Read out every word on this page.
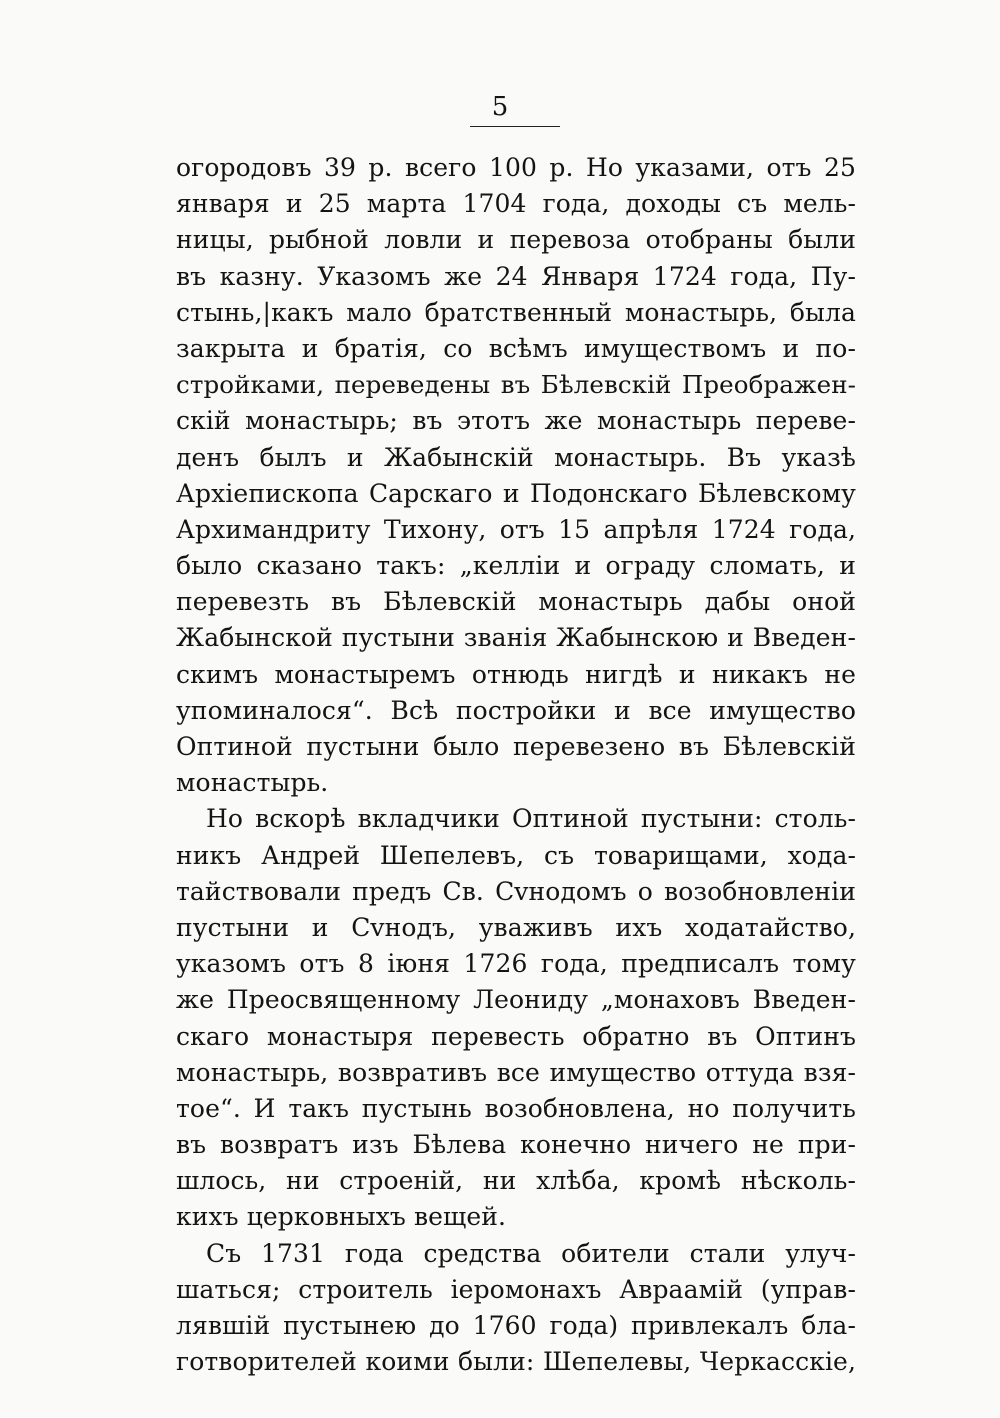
5
огородовъ 39 р. всего 100 р. Но указами, отъ 25
января и 25 марта 1704 года, доходы съ мель-
ницы, рыбной ловли и перевоза отобраны были
въ казну. Указомъ же 24 Января 1724 года, Пу-
стынь,|какъ мало братственный монастырь, была
закрыта и братія, со всѣмъ имуществомъ и по-
стройками, переведены въ Бѣлевскій Преображен-
скій монастырь; въ этотъ же монастырь переве-
денъ былъ и Жабынскій монастырь. Въ указѣ
Архіепископа Сарскаго и Подонскаго Бѣлевскому
Архимандриту Тихону, отъ 15 апрѣля 1724 года,
было сказано такъ: „келліи и ограду сломать, и
перевезть въ Бѣлевскій монастырь дабы оной
Жабынской пустыни званія Жабынскою и Введен-
скимъ монастыремъ отнюдь нигдѣ и никакъ не
упоминалося“. Всѣ постройки и все имущество
Оптиной пустыни было перевезено въ Бѣлевскій
монастырь.
Но вскорѣ вкладчики Оптиной пустыни: столь-
никъ Андрей Шепелевъ, съ товарищами, хода-
тайствовали предъ Св. Сvнодомъ о возобновленіи
пустыни и Сvнодъ, уваживъ ихъ ходатайство,
указомъ отъ 8 іюня 1726 года, предписалъ тому
же Преосвященному Леониду „монаховъ Введен-
скаго монастыря перевесть обратно въ Оптинъ
монастырь, возвративъ все имущество оттуда взя-
тое“. И такъ пустынь возобновлена, но получить
въ возвратъ изъ Бѣлева конечно ничего не при-
шлось, ни строеній, ни хлѣба, кромѣ нѣсколь-
кихъ церковныхъ вещей.
Съ 1731 года средства обители стали улуч-
шаться; строитель іеромонахъ Авраамій (управ-
лявшій пустынею до 1760 года) привлекалъ бла-
готворителей коими были: Шепелевы, Черкасскіе,
